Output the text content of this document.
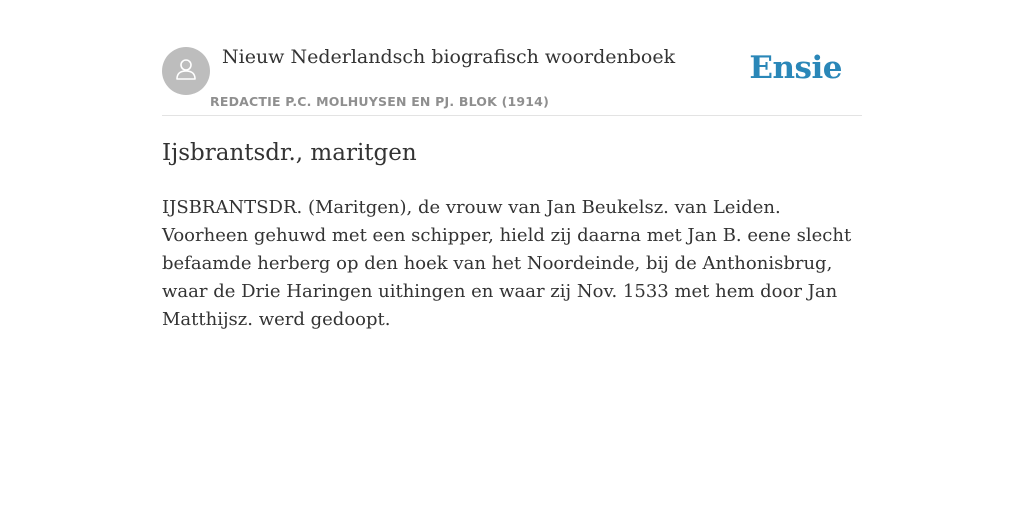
Nieuw Nederlandsch biografisch woordenboek
REDACTIE P.C. MOLHUYSEN EN PJ. BLOK (1914)
Ensie
Ijsbrantsdr., maritgen

IJSBRANTSDR. (Maritgen), de vrouw van Jan Beukelsz. van Leiden. Voorheen gehuwd met een schipper, hield zij daarna met Jan B. eene slecht befaamde herberg op den hoek van het Noordeinde, bij de Anthonisbrug, waar de Drie Haringen uithingen en waar zij Nov. 1533 met hem door Jan Matthijsz. werd gedoopt.
